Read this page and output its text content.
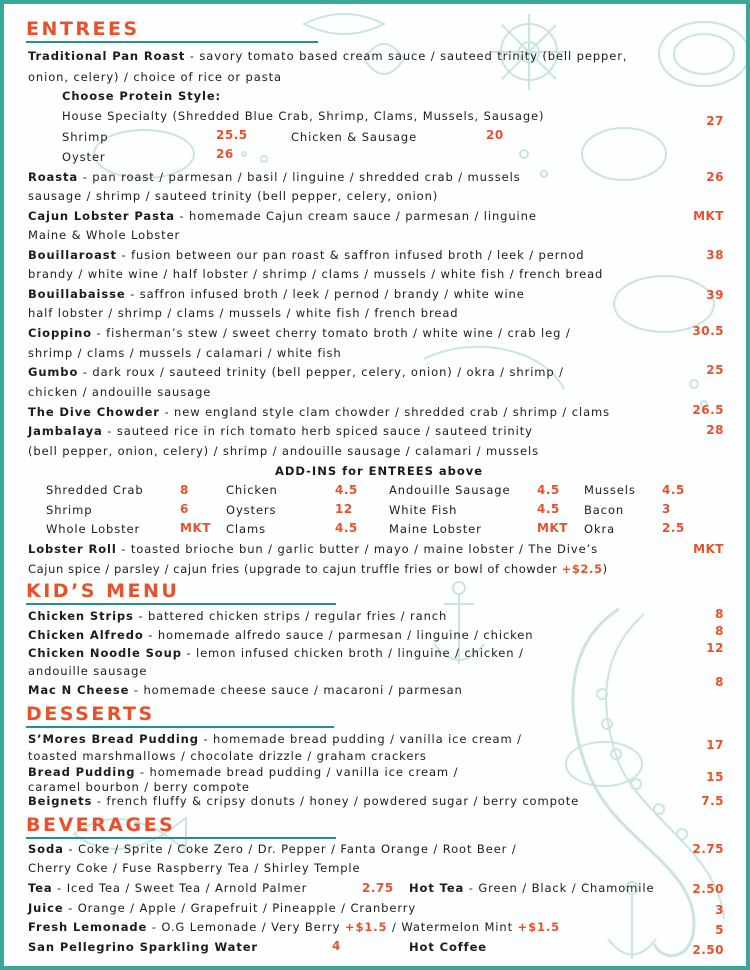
ENTREES
Traditional Pan Roast - savory tomato based cream sauce / sauteed trinity (bell pepper,
onion, celery) / choice of rice or pasta
Choose Protein Style:
House Specialty (Shredded Blue Crab, Shrimp, Clams, Mussels, Sausage)	27
Shrimp	25.5	Chicken & Sausage	20
Oyster	26
Roasta - pan roast / parmesan / basil / linguine / shredded crab / mussels
sausage / shrimp / sauteed trinity (bell pepper, celery, onion)
26
Cajun Lobster Pasta - homemade Cajun cream sauce / parmesan / linguine
Maine & Whole Lobster
MKT
Bouillaroast - fusion between our pan roast & saffron infused broth / leek / pernod
brandy / white wine / half lobster / shrimp / clams / mussels / white fish / french bread
38
Bouillabaisse - saffron infused broth / leek / pernod / brandy / white wine
half lobster / shrimp / clams / mussels / white fish / french bread
39
Cioppino - fisherman’s stew / sweet cherry tomato broth / white wine / crab leg /
shrimp / clams / mussels / calamari / white fish
30.5
Gumbo - dark roux / sauteed trinity (bell pepper, celery, onion) / okra / shrimp /
chicken / andouille sausage
25
The Dive Chowder - new england style clam chowder / shredded crab / shrimp / clams	26.5
Jambalaya - sauteed rice in rich tomato herb spiced sauce / sauteed trinity
(bell pepper, onion, celery) / shrimp / andouille sausage / calamari / mussels
28
ADD-INS for ENTREES above
Shredded Crab	8	Chicken	4.5	Andouille Sausage 4.5 Mussels 4.5
Shrimp	6	Oysters	12	White Fish	4.5 Bacon	3
Whole Lobster	MKT Clams	4.5	Maine Lobster	MKT Okra	2.5
Lobster Roll - toasted brioche bun / garlic butter / mayo / maine lobster / The Dive’s	MKT
Cajun spice / parsley / cajun fries (upgrade to cajun truffle fries or bowl of chowder +$2.5)
KID’S MENU
Chicken Strips - battered chicken strips / regular fries / ranch	8
Chicken Alfredo - homemade alfredo sauce / parmesan / linguine / chicken	8
Chicken Noodle Soup - lemon infused chicken broth / linguine / chicken /
andouille sausage
12
Mac N Cheese - homemade cheese sauce / macaroni / parmesan
8
DESSERTS
S’Mores Bread Pudding - homemade bread pudding / vanilla ice cream /
toasted marshmallows / chocolate drizzle / graham crackers
17
Bread Pudding - homemade bread pudding / vanilla ice cream /
caramel bourbon / berry compote
15
Beignets - french fluffy & cripsy donuts / honey / powdered sugar / berry compote	7.5
BEVERAGES
Soda - Coke / Sprite / Coke Zero / Dr. Pepper / Fanta Orange / Root Beer /
Cherry Coke / Fuse Raspberry Tea / Shirley Temple
2.75
Tea - Iced Tea / Sweet Tea / Arnold Palmer	2.75 Hot Tea - Green / Black / Chamomile	2.50
Juice - Orange / Apple / Grapefruit / Pineapple / Cranberry	3
Fresh Lemonade - O.G Lemonade / Very Berry +$1.5 / Watermelon Mint +$1.5	5
San Pellegrino Sparkling Water	4	Hot Coffee	2.50
